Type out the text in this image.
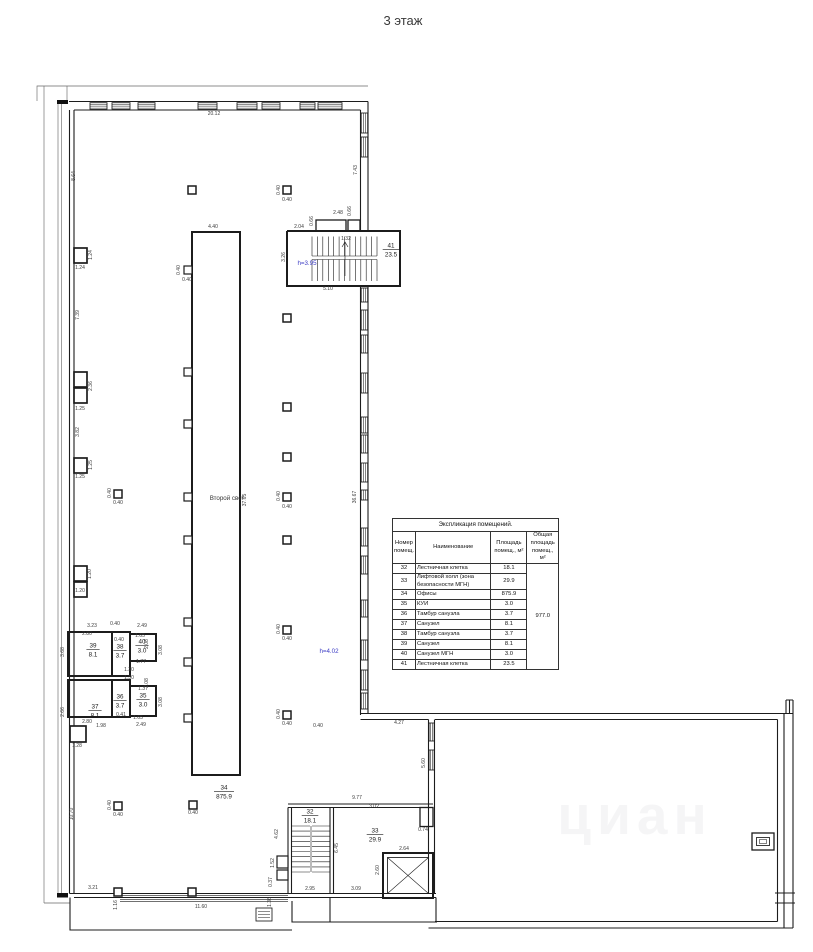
3 этаж
20.12
8.64
7.43
2.48
2.04
0.66
0.66
1.32
3.26
5.10
4.40
37.65	36.67
1.24
1.24
7.39
2.36
1.25
3.82
1.25
1.25
1.20
1.20
0.40
0.40
0.40
0.40
0.40
0.40
0.40
0.40
3.23
2.80
0.40	2.49
1.65
0.40
3.68
2.08
3.08
1.77
1.30
1.30
1.37
2.66
2.08
3.08
1.65
0.41
2.80
1.98	2.49
1.28
0.40
0.40
0.40
0.40	0.40	4.27
5.60
10.70
0.40
0.40	0.40
9.77
3.02
4.62
6.45	2.64
2.60
0.74
1.52
0.37
1.36
2.95	3.09
3.21
11.60
1.16
41
23.5
34
875.9
32
18.1
33
29.9
39
8.1
38
3.7
40
3.0
37
8.1
36
3.7
35
3.0
Второй свет
h=3.95
h=4.02
Экспликация помещений.			
Номер помещ.	Наименование	Площадь помещ., м²	Общая площадь помещ., м²
32	Лестничная клетка	18.1	977.0
33	Лифтовой холл (зона безопасности МГН)	29.9	
34	Офисы	875.9	
35	КУИ	3.0	
36	Тамбур санузла	3.7	
37	Санузел	8.1	
38	Тамбур санузла	3.7	
39	Санузел	8.1	
40	Санузел МГН	3.0	
41	Лестничная клетка	23.5	
